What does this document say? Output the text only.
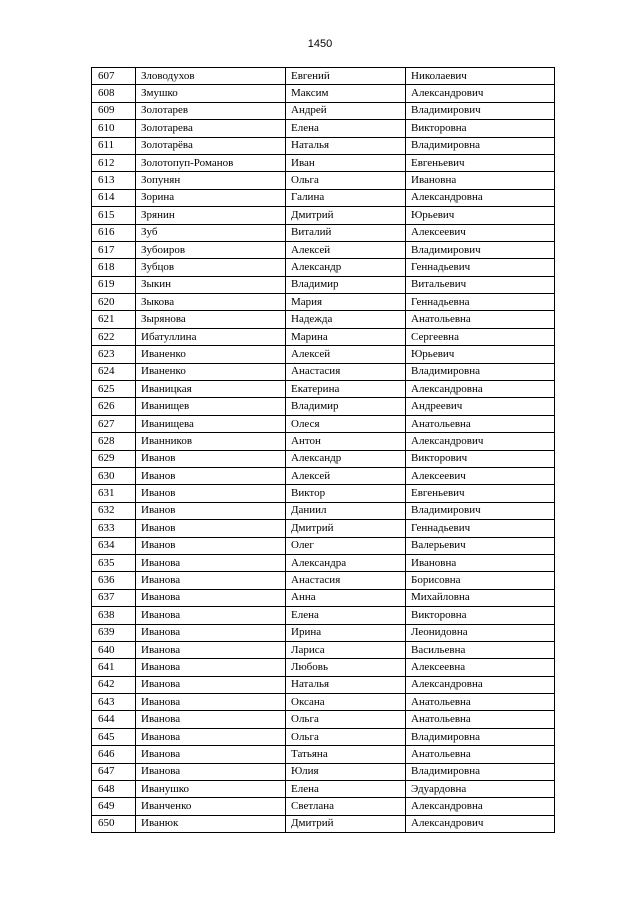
1450
607	Зловодухов	Евгений	Николаевич
608	Змушко	Максим	Александрович
609	Золотарев	Андрей	Владимирович
610	Золотарева	Елена	Викторовна
611	Золотарёва	Наталья	Владимировна
612	Золотопуп-Романов	Иван	Евгеньевич
613	Зопунян	Ольга	Ивановна
614	Зорина	Галина	Александровна
615	Зрянин	Дмитрий	Юрьевич
616	Зуб	Виталий	Алексеевич
617	Зубоиров	Алексей	Владимирович
618	Зубцов	Александр	Геннадьевич
619	Зыкин	Владимир	Витальевич
620	Зыкова	Мария	Геннадьевна
621	Зырянова	Надежда	Анатольевна
622	Ибатуллина	Марина	Сергеевна
623	Иваненко	Алексей	Юрьевич
624	Иваненко	Анастасия	Владимировна
625	Иваницкая	Екатерина	Александровна
626	Иванищев	Владимир	Андреевич
627	Иванищева	Олеся	Анатольевна
628	Иванников	Антон	Александрович
629	Иванов	Александр	Викторович
630	Иванов	Алексей	Алексеевич
631	Иванов	Виктор	Евгеньевич
632	Иванов	Даниил	Владимирович
633	Иванов	Дмитрий	Геннадьевич
634	Иванов	Олег	Валерьевич
635	Иванова	Александра	Ивановна
636	Иванова	Анастасия	Борисовна
637	Иванова	Анна	Михайловна
638	Иванова	Елена	Викторовна
639	Иванова	Ирина	Леонидовна
640	Иванова	Лариса	Васильевна
641	Иванова	Любовь	Алексеевна
642	Иванова	Наталья	Александровна
643	Иванова	Оксана	Анатольевна
644	Иванова	Ольга	Анатольевна
645	Иванова	Ольга	Владимировна
646	Иванова	Татьяна	Анатольевна
647	Иванова	Юлия	Владимировна
648	Иванушко	Елена	Эдуардовна
649	Иванченко	Светлана	Александровна
650	Иванюк	Дмитрий	Александрович
